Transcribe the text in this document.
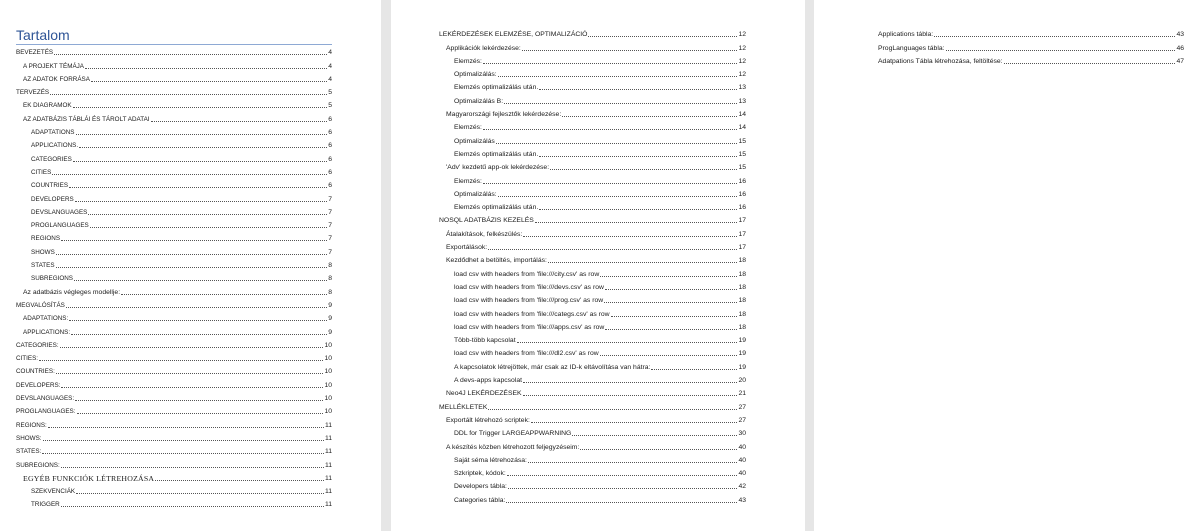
Tartalom
BEVEZETÉS	4
A PROJEKT TÉMÁJA	4
AZ ADATOK FORRÁSA	4
TERVEZÉS	5
EK DIAGRAMOK	5
AZ ADATBÁZIS TÁBLÁI ÉS TÁROLT ADATAI	6
ADAPTATIONS	6
APPLICATIONS.	6
CATEGORIES	6
CITIES	6
COUNTRIES	6
DEVELOPERS	7
DEVSLANGUAGES	7
PROGLANGUAGES	7
REGIONS	7
SHOWS	7
STATES	8
SUBREGIONS	8
Az adatbázis végleges modellje:	8
MEGVALÓSÍTÁS	9
ADAPTATIONS:	9
APPLICATIONS:	9
CATEGORIES:	10
CITIES:	10
COUNTRIES:	10
DEVELOPERS:	10
DEVSLANGUAGES:	10
PROGLANGUAGES:	10
REGIONS:	11
SHOWS:	11
STATES:	11
SUBREGIONS:	11
EGYÉB FUNKCIÓK LÉTREHOZÁSA	11
SZEKVENCIÁK	11
TRIGGER	11
LEKÉRDEZÉSEK ELEMZÉSE, OPTIMALIZÁCIÓ	12
Applikációk lekérdezése:	12
Elemzés:	12
Optimalizálás:	12
Elemzés optimalizálás után.	13
Optimalizálás B:	13
Magyarországi fejlesztők lekérdezése:	14
Elemzés:	14
Optimalizálás	15
Elemzés optimalizálás után.	15
'Adv' kezdetű app-ok lekérdezése:	15
Elemzés:	16
Optimalizálás:	16
Elemzés optimalizálás után.	16
NOSQL ADATBÁZIS KEZELÉS	17
Átalakítások, felkészülés:	17
Exportálások:	17
Kezdődhet a betöltés, importálás:	18
load csv with headers from 'file:///city.csv' as row	18
load csv with headers from 'file:///devs.csv' as row	18
load csv with headers from 'file:///prog.csv' as row	18
load csv with headers from 'file:///categs.csv' as row	18
load csv with headers from 'file:///apps.csv' as row	18
Több-több kapcsolat	19
load csv with headers from 'file:///dl2.csv' as row	19
A kapcsolatok létrejöttek, már csak az ID-k eltávolítása van hátra:	19
A devs-apps kapcsolat	20
Neo4J LEKÉRDEZÉSEK	21
MELLÉKLETEK	27
Exportált létrehozó scriptek:	27
DDL for Trigger LARGEAPPWARNING	30
A készítés közben létrehozott feljegyzéseim:	40
Saját séma létrehozása:	40
Szkriptek, kódok:	40
Developers tábla:	42
Categories tábla:	43
Applications tábla:	43
ProgLanguages tábla:	46
Adatpations Tábla létrehozása, feltöltése:	47
